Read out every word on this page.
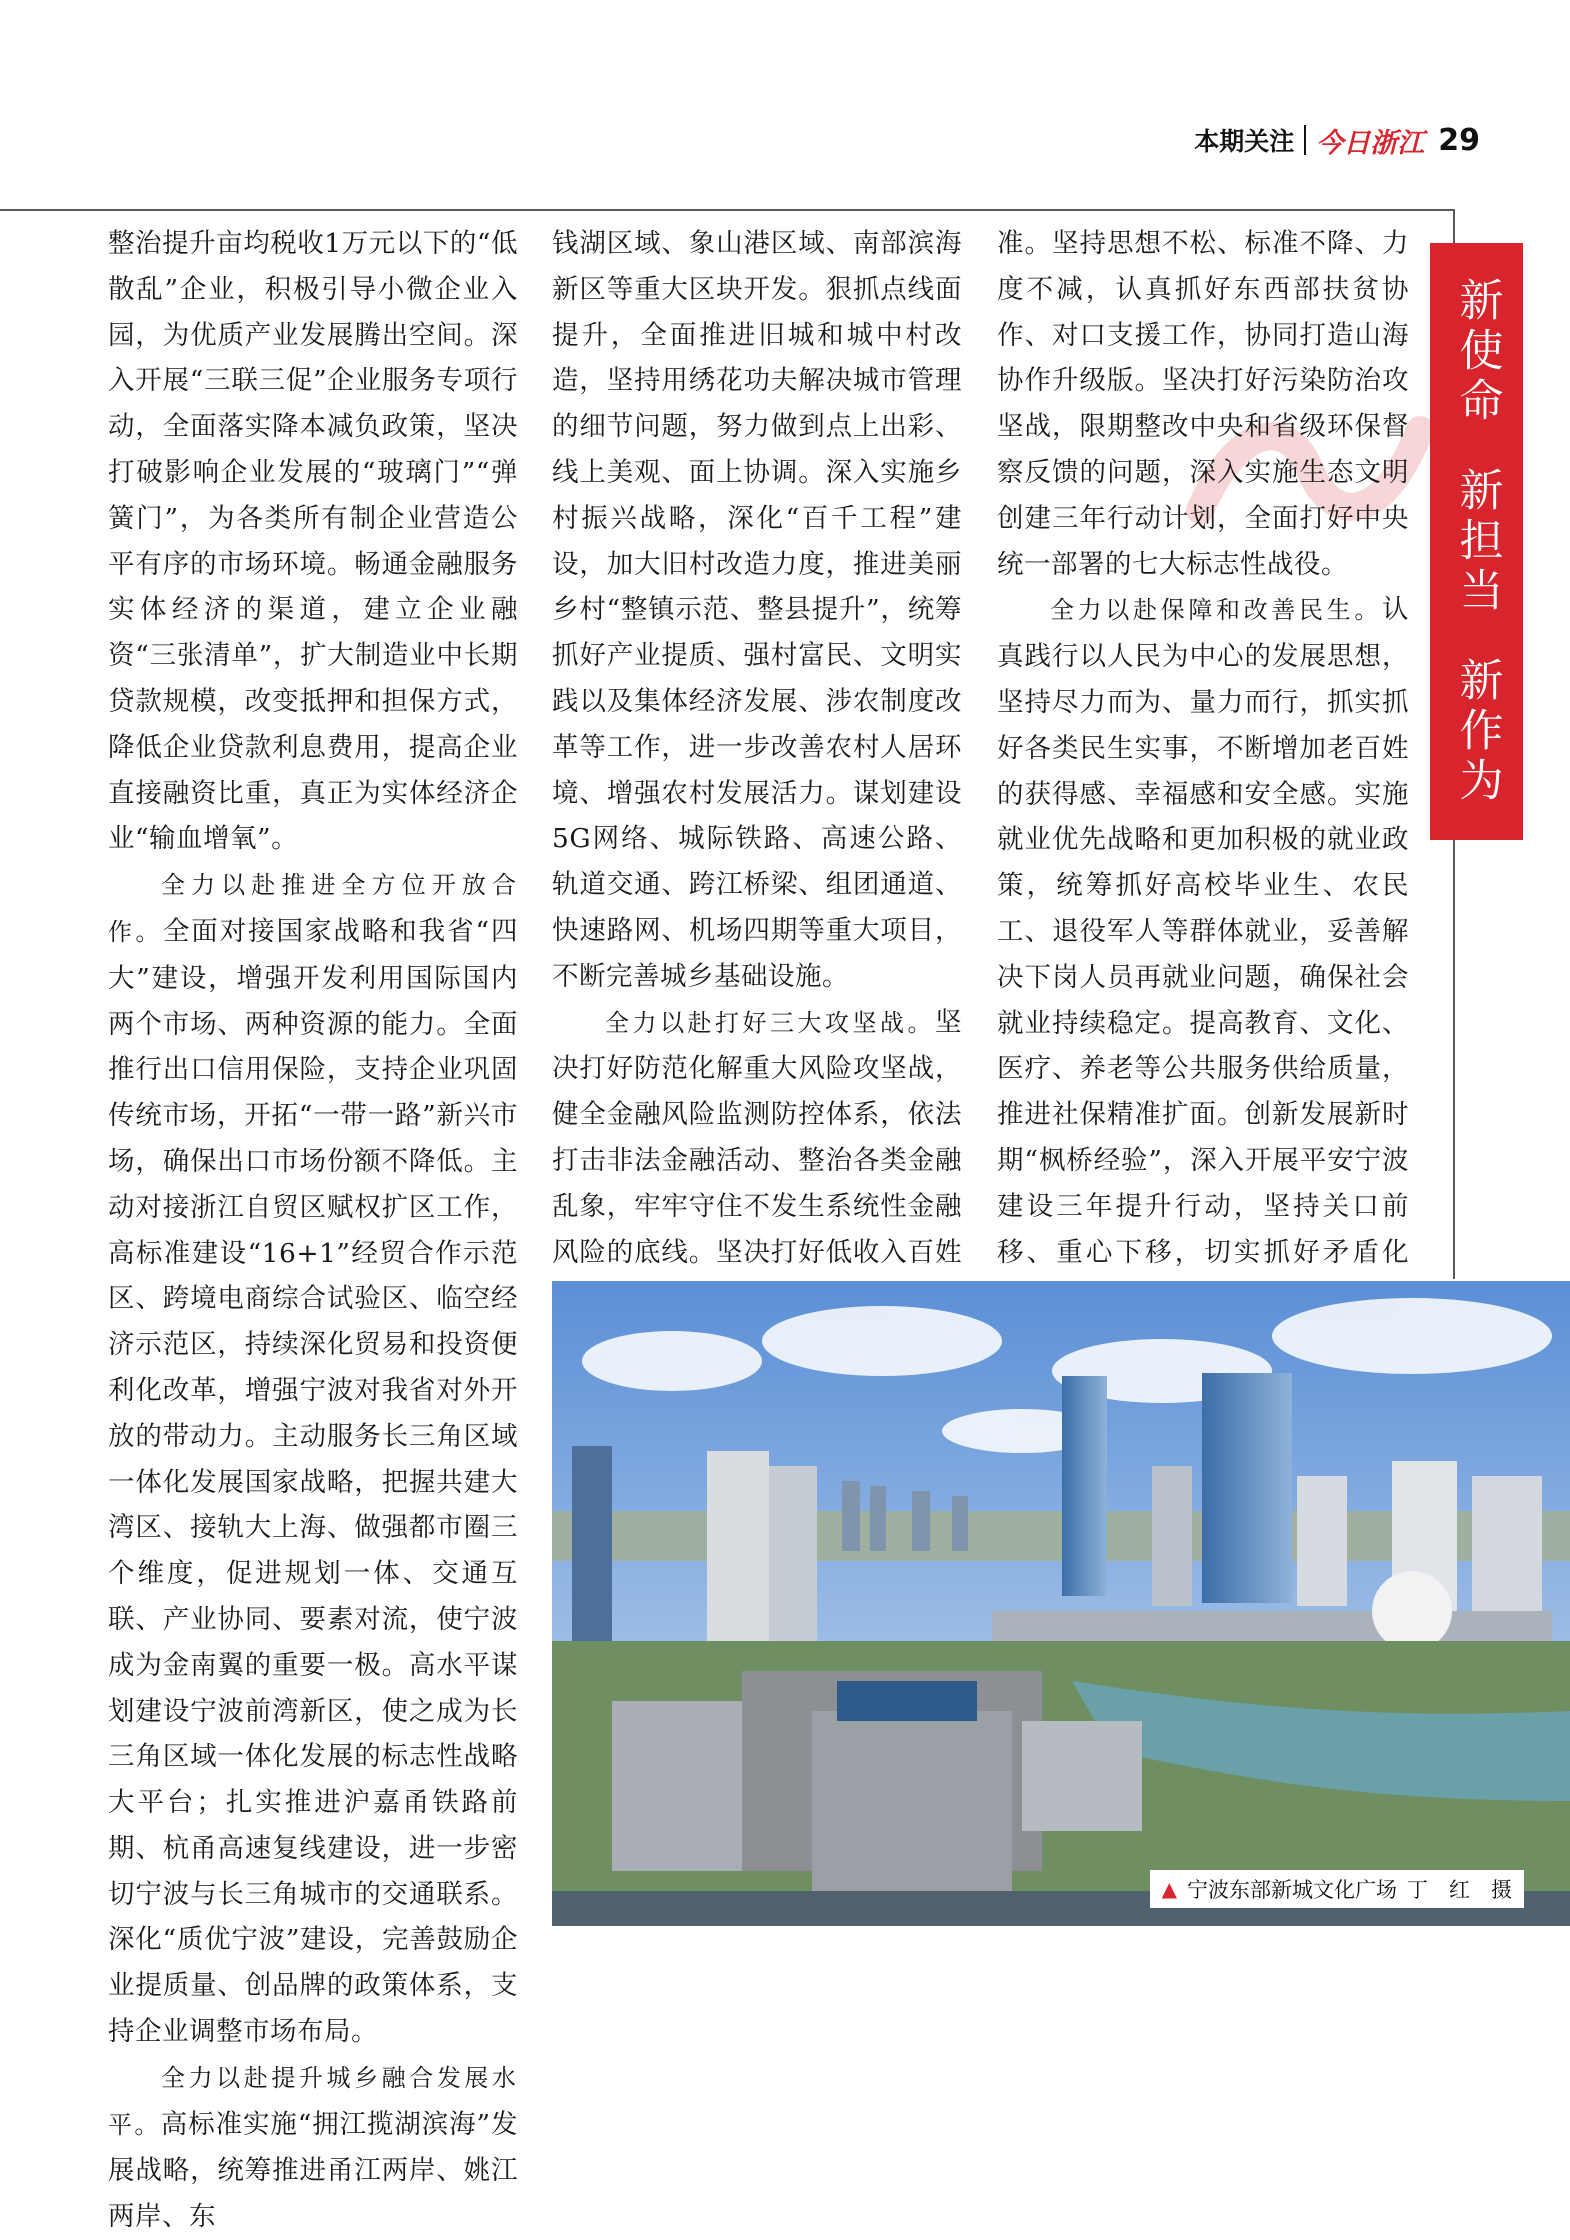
本期关注 今日浙江 29

整治提升亩均税收1万元以下的“低散乱”企业，积极引导小微企业入园，为优质产业发展腾出空间。深入开展“三联三促”企业服务专项行动，全面落实降本减负政策，坚决打破影响企业发展的“玻璃门”“弹簧门”，为各类所有制企业营造公平有序的市场环境。畅通金融服务实体经济的渠道，建立企业融资“三张清单”，扩大制造业中长期贷款规模，改变抵押和担保方式，降低企业贷款利息费用，提高企业直接融资比重，真正为实体经济企业“输血增氧”。

全力以赴推进全方位开放合作。全面对接国家战略和我省“四大”建设，增强开发利用国际国内两个市场、两种资源的能力。全面推行出口信用保险，支持企业巩固传统市场，开拓“一带一路”新兴市场，确保出口市场份额不降低。主动对接浙江自贸区赋权扩区工作，高标准建设“16+1”经贸合作示范区、跨境电商综合试验区、临空经济示范区，持续深化贸易和投资便利化改革，增强宁波对我省对外开放的带动力。主动服务长三角区域一体化发展国家战略，把握共建大湾区、接轨大上海、做强都市圈三个维度，促进规划一体、交通互联、产业协同、要素对流，使宁波成为金南翼的重要一极。高水平谋划建设宁波前湾新区，使之成为长三角区域一体化发展的标志性战略大平台；扎实推进沪嘉甬铁路前期、杭甬高速复线建设，进一步密切宁波与长三角城市的交通联系。深化“质优宁波”建设，完善鼓励企业提质量、创品牌的政策体系，支持企业调整市场布局。

全力以赴提升城乡融合发展水平。高标准实施“拥江揽湖滨海”发展战略，统筹推进甬江两岸、姚江两岸、东

钱湖区域、象山港区域、南部滨海新区等重大区块开发。狠抓点线面提升，全面推进旧城和城中村改造，坚持用绣花功夫解决城市管理的细节问题，努力做到点上出彩、线上美观、面上协调。深入实施乡村振兴战略，深化“百千工程”建设，加大旧村改造力度，推进美丽乡村“整镇示范、整县提升”，统筹抓好产业提质、强村富民、文明实践以及集体经济发展、涉农制度改革等工作，进一步改善农村人居环境、增强农村发展活力。谋划建设5G网络、城际铁路、高速公路、轨道交通、跨江桥梁、组团通道、快速路网、机场四期等重大项目，不断完善城乡基础设施。

全力以赴打好三大攻坚战。坚决打好防范化解重大风险攻坚战，健全金融风险监测防控体系，依法打击非法金融活动、整治各类金融乱象，牢牢守住不发生系统性金融风险的底线。坚决打好低收入百姓

准。坚持思想不松、标准不降、力度不减，认真抓好东西部扶贫协作、对口支援工作，协同打造山海协作升级版。坚决打好污染防治攻坚战，限期整改中央和省级环保督察反馈的问题，深入实施生态文明创建三年行动计划，全面打好中央统一部署的七大标志性战役。

全力以赴保障和改善民生。认真践行以人民为中心的发展思想，坚持尽力而为、量力而行，抓实抓好各类民生实事，不断增加老百姓的获得感、幸福感和安全感。实施就业优先战略和更加积极的就业政策，统筹抓好高校毕业生、农民工、退役军人等群体就业，妥善解决下岗人员再就业问题，确保社会就业持续稳定。提高教育、文化、医疗、养老等公共服务供给质量，推进社保精准扩面。创新发展新时期“枫桥经验”，深入开展平安宁波建设三年提升行动，坚持关口前移、重心下移，切实抓好矛盾化

新使命
新担当
新作为
▲ 宁波东部新城文化广场 丁　红　摄
